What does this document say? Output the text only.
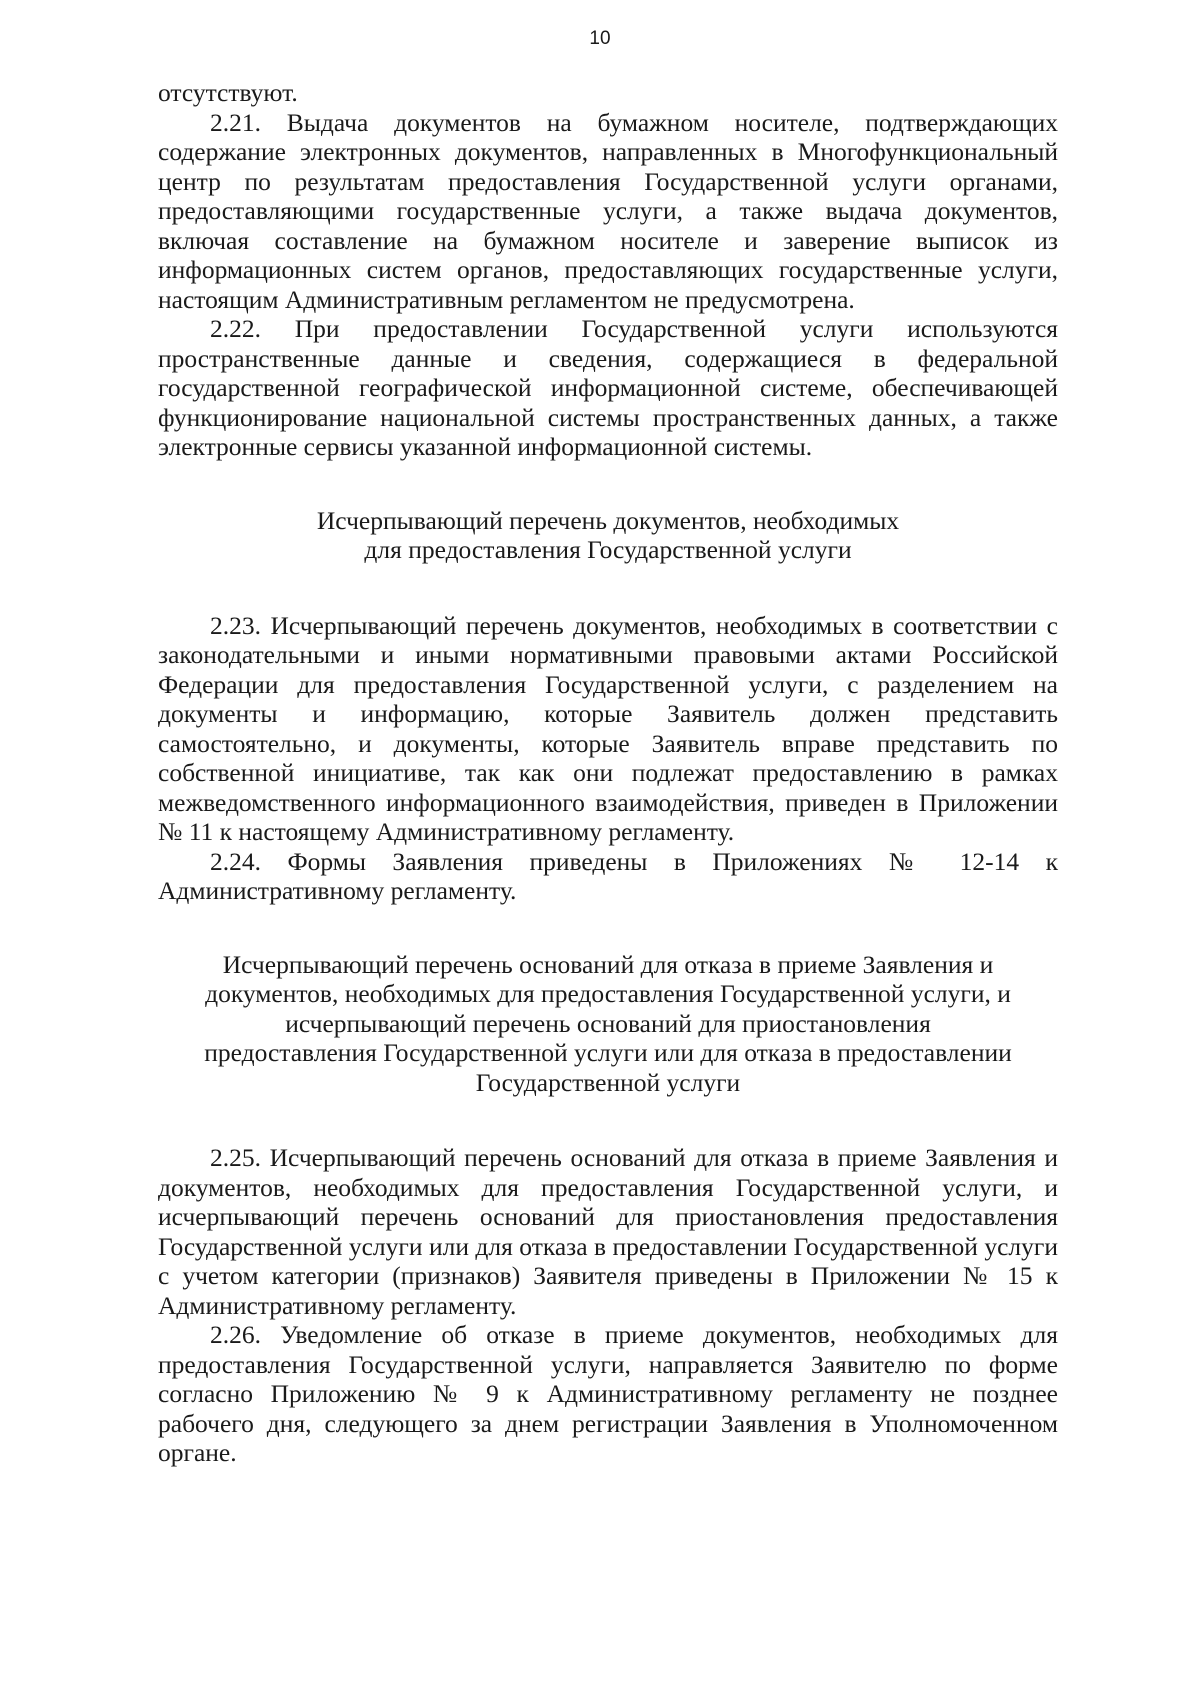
10

отсутствуют.

2.21. Выдача документов на бумажном носителе, подтверждающих содержание электронных документов, направленных в Многофункциональный центр по результатам предоставления Государственной услуги органами, предоставляющими государственные услуги, а также выдача документов, включая составление на бумажном носителе и заверение выписок из информационных систем органов, предоставляющих государственные услуги, настоящим Административным регламентом не предусмотрена.

2.22. При предоставлении Государственной услуги используются пространственные данные и сведения, содержащиеся в федеральной государственной географической информационной системе, обеспечивающей функционирование национальной системы пространственных данных, а также электронные сервисы указанной информационной системы.

Исчерпывающий перечень документов, необходимых для предоставления Государственной услуги

2.23. Исчерпывающий перечень документов, необходимых в соответствии с законодательными и иными нормативными правовыми актами Российской Федерации для предоставления Государственной услуги, с разделением на документы и информацию, которые Заявитель должен представить самостоятельно, и документы, которые Заявитель вправе представить по собственной инициативе, так как они подлежат предоставлению в рамках межведомственного информационного взаимодействия, приведен в Приложении № 11 к настоящему Административному регламенту.

2.24. Формы Заявления приведены в Приложениях № 12-14 к Административному регламенту.

Исчерпывающий перечень оснований для отказа в приеме Заявления и документов, необходимых для предоставления Государственной услуги, и исчерпывающий перечень оснований для приостановления предоставления Государственной услуги или для отказа в предоставлении Государственной услуги

2.25. Исчерпывающий перечень оснований для отказа в приеме Заявления и документов, необходимых для предоставления Государственной услуги, и исчерпывающий перечень оснований для приостановления предоставления Государственной услуги или для отказа в предоставлении Государственной услуги с учетом категории (признаков) Заявителя приведены в Приложении № 15 к Административному регламенту.

2.26. Уведомление об отказе в приеме документов, необходимых для предоставления Государственной услуги, направляется Заявителю по форме согласно Приложению № 9 к Административному регламенту не позднее рабочего дня, следующего за днем регистрации Заявления в Уполномоченном органе.
